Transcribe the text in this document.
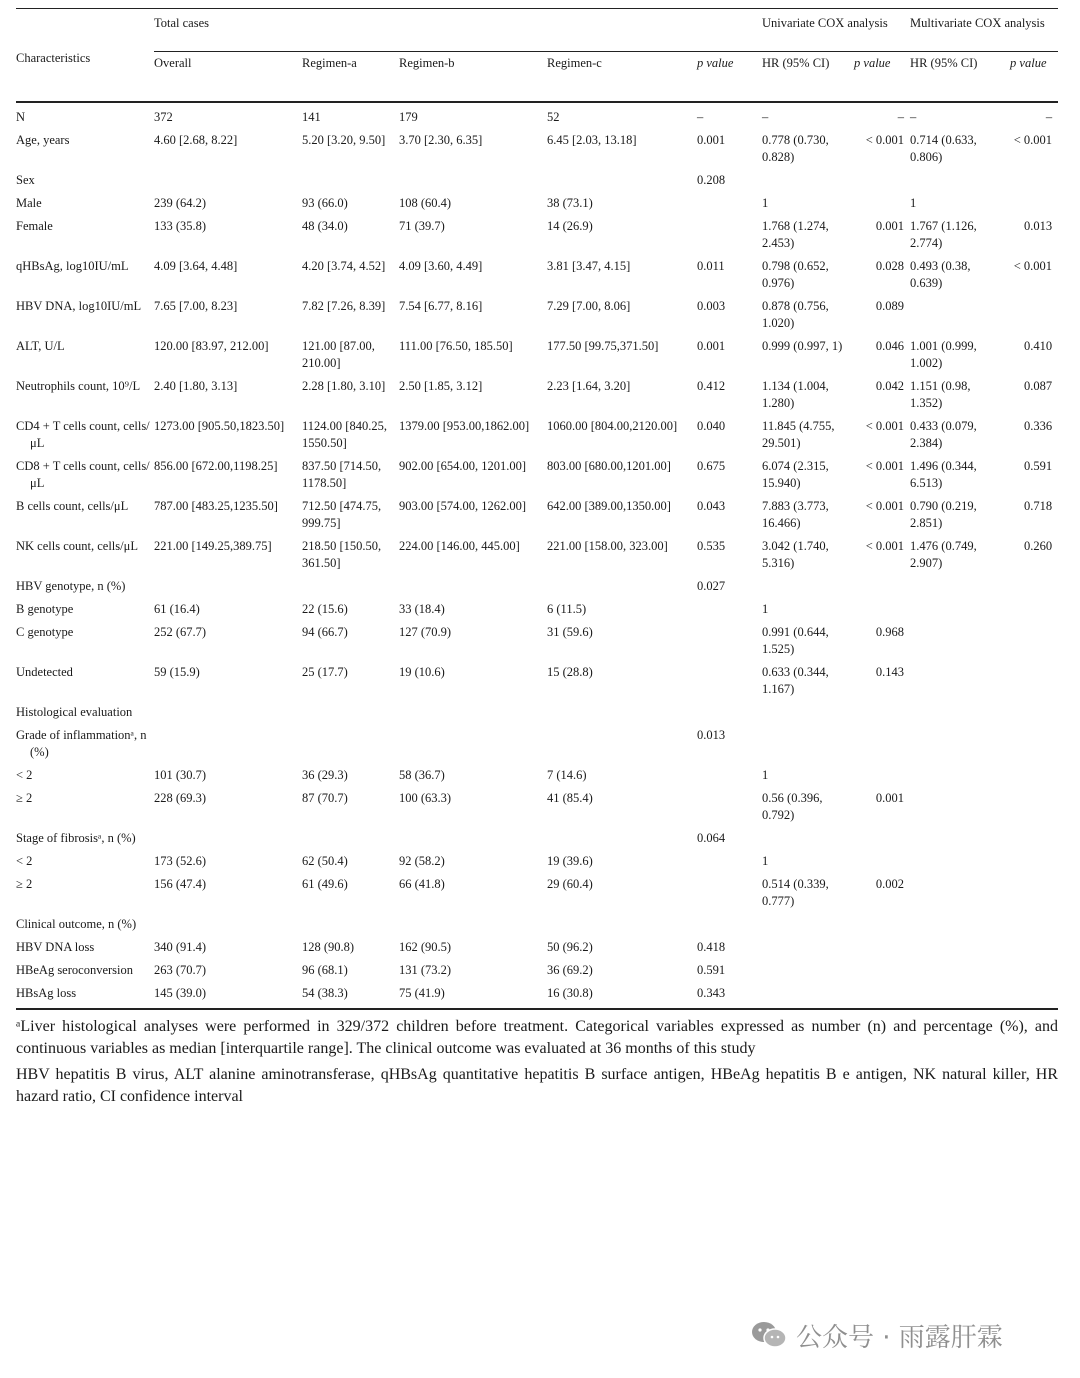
Characteristics	Total cases					Univariate COX analysis		Multivariate COX analysis	
	Overall	Regimen-a	Regimen-b	Regimen-c	p value	HR (95% CI)	p value	HR (95% CI)	p value
N	372	141	179	52	–	–	–	–	–
Age, years	4.60 [2.68, 8.22]	5.20 [3.20, 9.50]	3.70 [2.30, 6.35]	6.45 [2.03, 13.18]	0.001	0.778 (0.730, 0.828)	< 0.001	0.714 (0.633, 0.806)	< 0.001
Sex					0.208				
Male	239 (64.2)	93 (66.0)	108 (60.4)	38 (73.1)		1		1	
Female	133 (35.8)	48 (34.0)	71 (39.7)	14 (26.9)		1.768 (1.274, 2.453)	0.001	1.767 (1.126, 2.774)	0.013
qHBsAg, log10IU/mL	4.09 [3.64, 4.48]	4.20 [3.74, 4.52]	4.09 [3.60, 4.49]	3.81 [3.47, 4.15]	0.011	0.798 (0.652, 0.976)	0.028	0.493 (0.38, 0.639)	< 0.001
HBV DNA, log10IU/mL	7.65 [7.00, 8.23]	7.82 [7.26, 8.39]	7.54 [6.77, 8.16]	7.29 [7.00, 8.06]	0.003	0.878 (0.756, 1.020)	0.089		
ALT, U/L	120.00 [83.97, 212.00]	121.00 [87.00, 210.00]	111.00 [76.50, 185.50]	177.50 [99.75,371.50]	0.001	0.999 (0.997, 1)	0.046	1.001 (0.999, 1.002)	0.410
Neutrophils count, 10⁹/L	2.40 [1.80, 3.13]	2.28 [1.80, 3.10]	2.50 [1.85, 3.12]	2.23 [1.64, 3.20]	0.412	1.134 (1.004, 1.280)	0.042	1.151 (0.98, 1.352)	0.087
CD4 + T cells count, cells/μL	1273.00 [905.50,1823.50]	1124.00 [840.25, 1550.50]	1379.00 [953.00,1862.00]	1060.00 [804.00,2120.00]	0.040	11.845 (4.755, 29.501)	< 0.001	0.433 (0.079, 2.384)	0.336
CD8 + T cells count, cells/μL	856.00 [672.00,1198.25]	837.50 [714.50, 1178.50]	902.00 [654.00, 1201.00]	803.00 [680.00,1201.00]	0.675	6.074 (2.315, 15.940)	< 0.001	1.496 (0.344, 6.513)	0.591
B cells count, cells/μL	787.00 [483.25,1235.50]	712.50 [474.75, 999.75]	903.00 [574.00, 1262.00]	642.00 [389.00,1350.00]	0.043	7.883 (3.773, 16.466)	< 0.001	0.790 (0.219, 2.851)	0.718
NK cells count, cells/μL	221.00 [149.25,389.75]	218.50 [150.50, 361.50]	224.00 [146.00, 445.00]	221.00 [158.00, 323.00]	0.535	3.042 (1.740, 5.316)	< 0.001	1.476 (0.749, 2.907)	0.260
HBV genotype, n (%)					0.027				
B genotype	61 (16.4)	22 (15.6)	33 (18.4)	6 (11.5)		1			
C genotype	252 (67.7)	94 (66.7)	127 (70.9)	31 (59.6)		0.991 (0.644, 1.525)	0.968		
Undetected	59 (15.9)	25 (17.7)	19 (10.6)	15 (28.8)		0.633 (0.344, 1.167)	0.143		
Histological evaluation									
Grade of inflammationᵃ, n (%)					0.013				
< 2	101 (30.7)	36 (29.3)	58 (36.7)	7 (14.6)		1			
≥ 2	228 (69.3)	87 (70.7)	100 (63.3)	41 (85.4)		0.56 (0.396, 0.792)	0.001		
Stage of fibrosisᵃ, n (%)					0.064				
< 2	173 (52.6)	62 (50.4)	92 (58.2)	19 (39.6)		1			
≥ 2	156 (47.4)	61 (49.6)	66 (41.8)	29 (60.4)		0.514 (0.339, 0.777)	0.002		
Clinical outcome, n (%)									
HBV DNA loss	340 (91.4)	128 (90.8)	162 (90.5)	50 (96.2)	0.418				
HBeAg seroconversion	263 (70.7)	96 (68.1)	131 (73.2)	36 (69.2)	0.591				
HBsAg loss	145 (39.0)	54 (38.3)	75 (41.9)	16 (30.8)	0.343				
ᵃLiver histological analyses were performed in 329/372 children before treatment. Categorical variables expressed as number (n) and percentage (%), and continuous variables as median [interquartile range]. The clinical outcome was evaluated at 36 months of this study
HBV hepatitis B virus, ALT alanine aminotransferase, qHBsAg quantitative hepatitis B surface antigen, HBeAg hepatitis B e antigen, NK natural killer, HR hazard ratio, CI confidence interval
公众号 · 雨露肝霖
